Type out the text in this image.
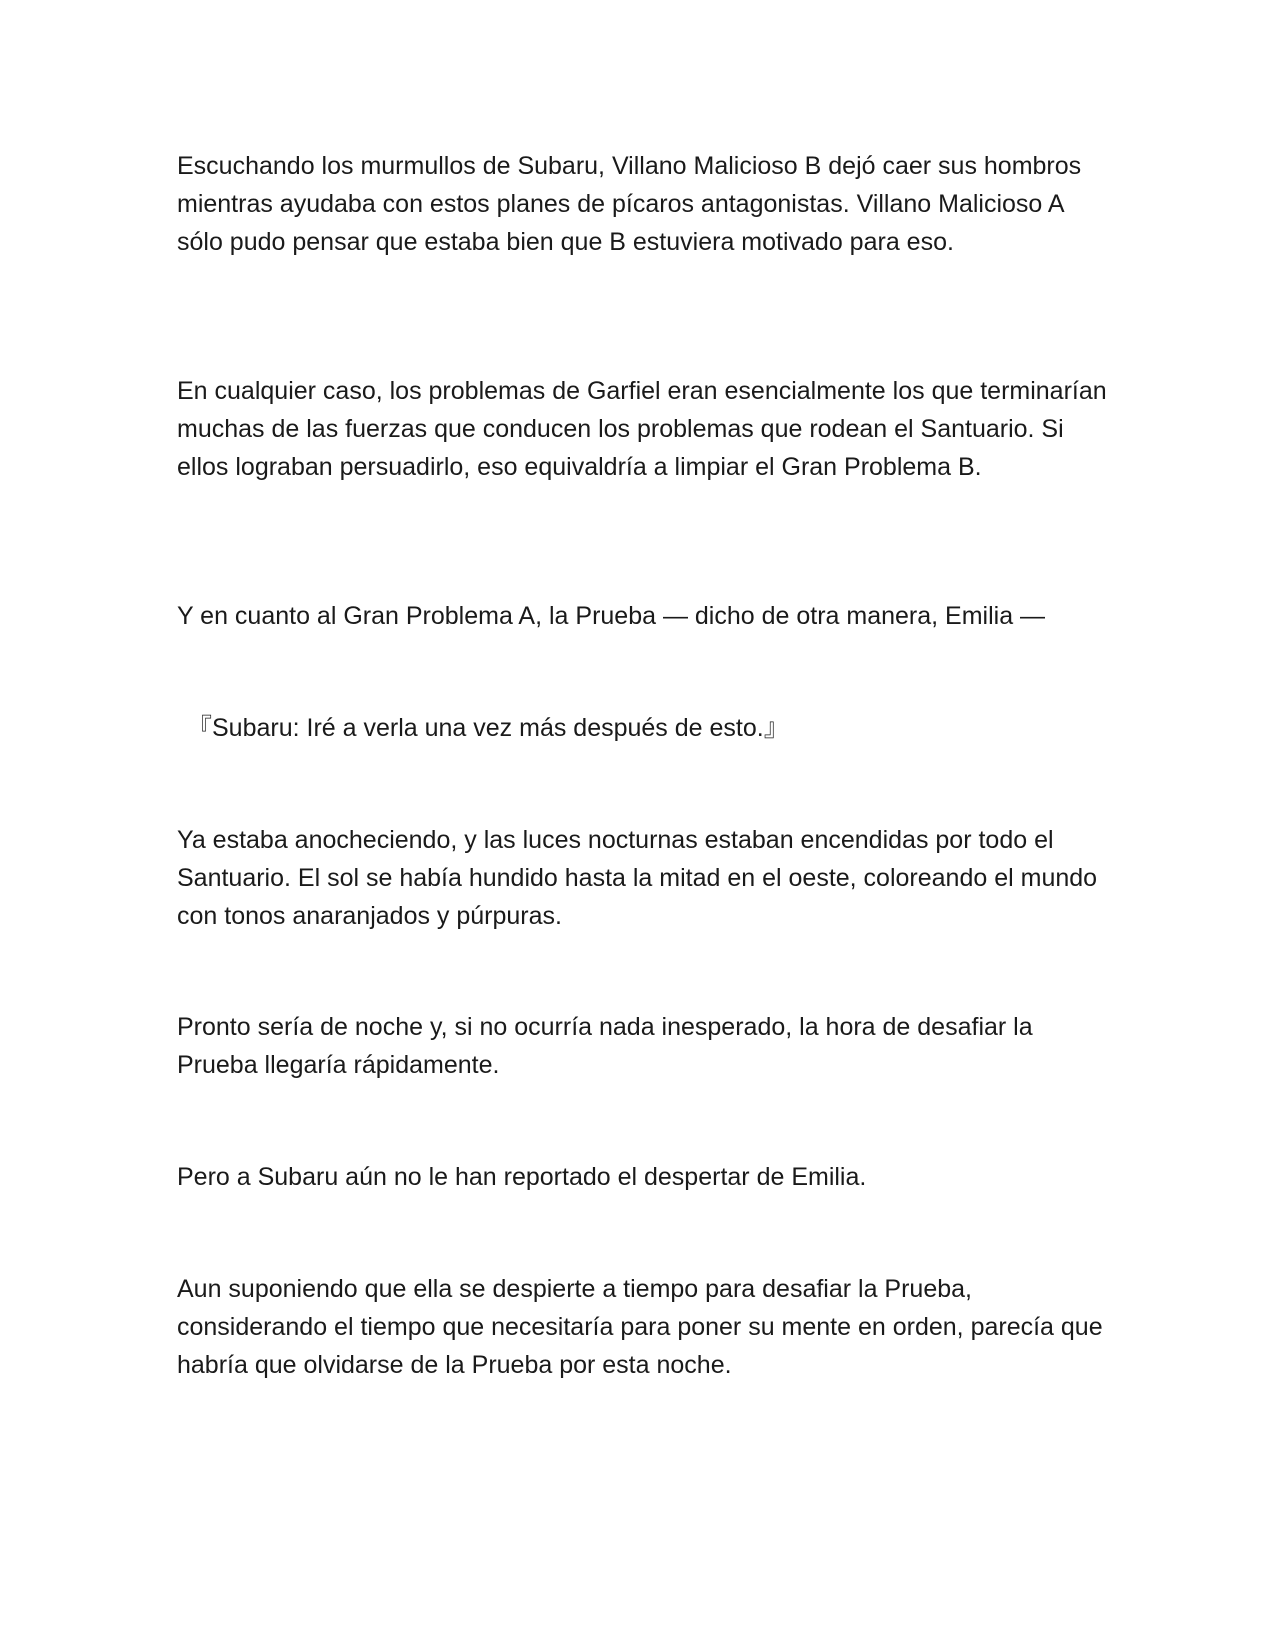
Escuchando los murmullos de Subaru, Villano Malicioso B dejó caer sus hombros mientras ayudaba con estos planes de pícaros antagonistas. Villano Malicioso A sólo pudo pensar que estaba bien que B estuviera motivado para eso.

En cualquier caso, los problemas de Garfiel eran esencialmente los que terminarían muchas de las fuerzas que conducen los problemas que rodean el Santuario. Si ellos lograban persuadirlo, eso equivaldría a limpiar el Gran Problema B.

Y en cuanto al Gran Problema A, la Prueba — dicho de otra manera, Emilia —

『Subaru: Iré a verla una vez más después de esto.』

Ya estaba anocheciendo, y las luces nocturnas estaban encendidas por todo el Santuario. El sol se había hundido hasta la mitad en el oeste, coloreando el mundo con tonos anaranjados y púrpuras.

Pronto sería de noche y, si no ocurría nada inesperado, la hora de desafiar la Prueba llegaría rápidamente.

Pero a Subaru aún no le han reportado el despertar de Emilia.

Aun suponiendo que ella se despierte a tiempo para desafiar la Prueba, considerando el tiempo que necesitaría para poner su mente en orden, parecía que habría que olvidarse de la Prueba por esta noche.
